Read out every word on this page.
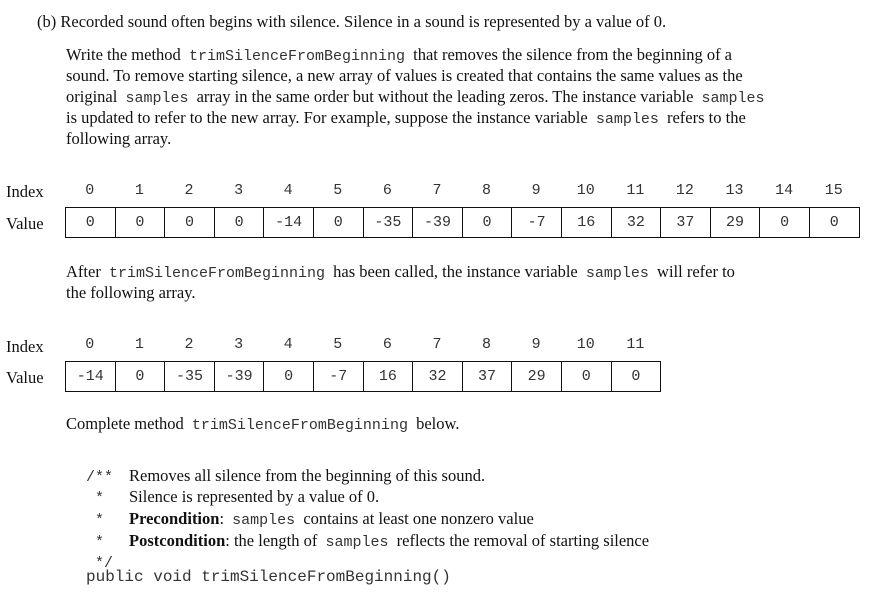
(b) Recorded sound often begins with silence. Silence in a sound is represented by a value of 0.
Write the method trimSilenceFromBeginning that removes the silence from the beginning of a
sound. To remove starting silence, a new array of values is created that contains the same values as the
original samples array in the same order but without the leading zeros. The instance variable samples
is updated to refer to the new array. For example, suppose the instance variable samples refers to the
following array.
Index	0	1	2	3	4	5	6	7	8	9	10	11	12	13	14	15
Value	0	0	0	0	-14	0	-35	-39	0	-7	16	32	37	29	0	0
After trimSilenceFromBeginning has been called, the instance variable samples will refer to
the following array.
Index	0	1	2	3	4	5	6	7	8	9	10	11
Value	-14	0	-35	-39	0	-7	16	32	37	29	0	0
Complete method trimSilenceFromBeginning below.
/** Removes all silence from the beginning of this sound.
* Silence is represented by a value of 0.
* Precondition: samples contains at least one nonzero value
* Postcondition: the length of samples reflects the removal of starting silence
*/
public void trimSilenceFromBeginning()
